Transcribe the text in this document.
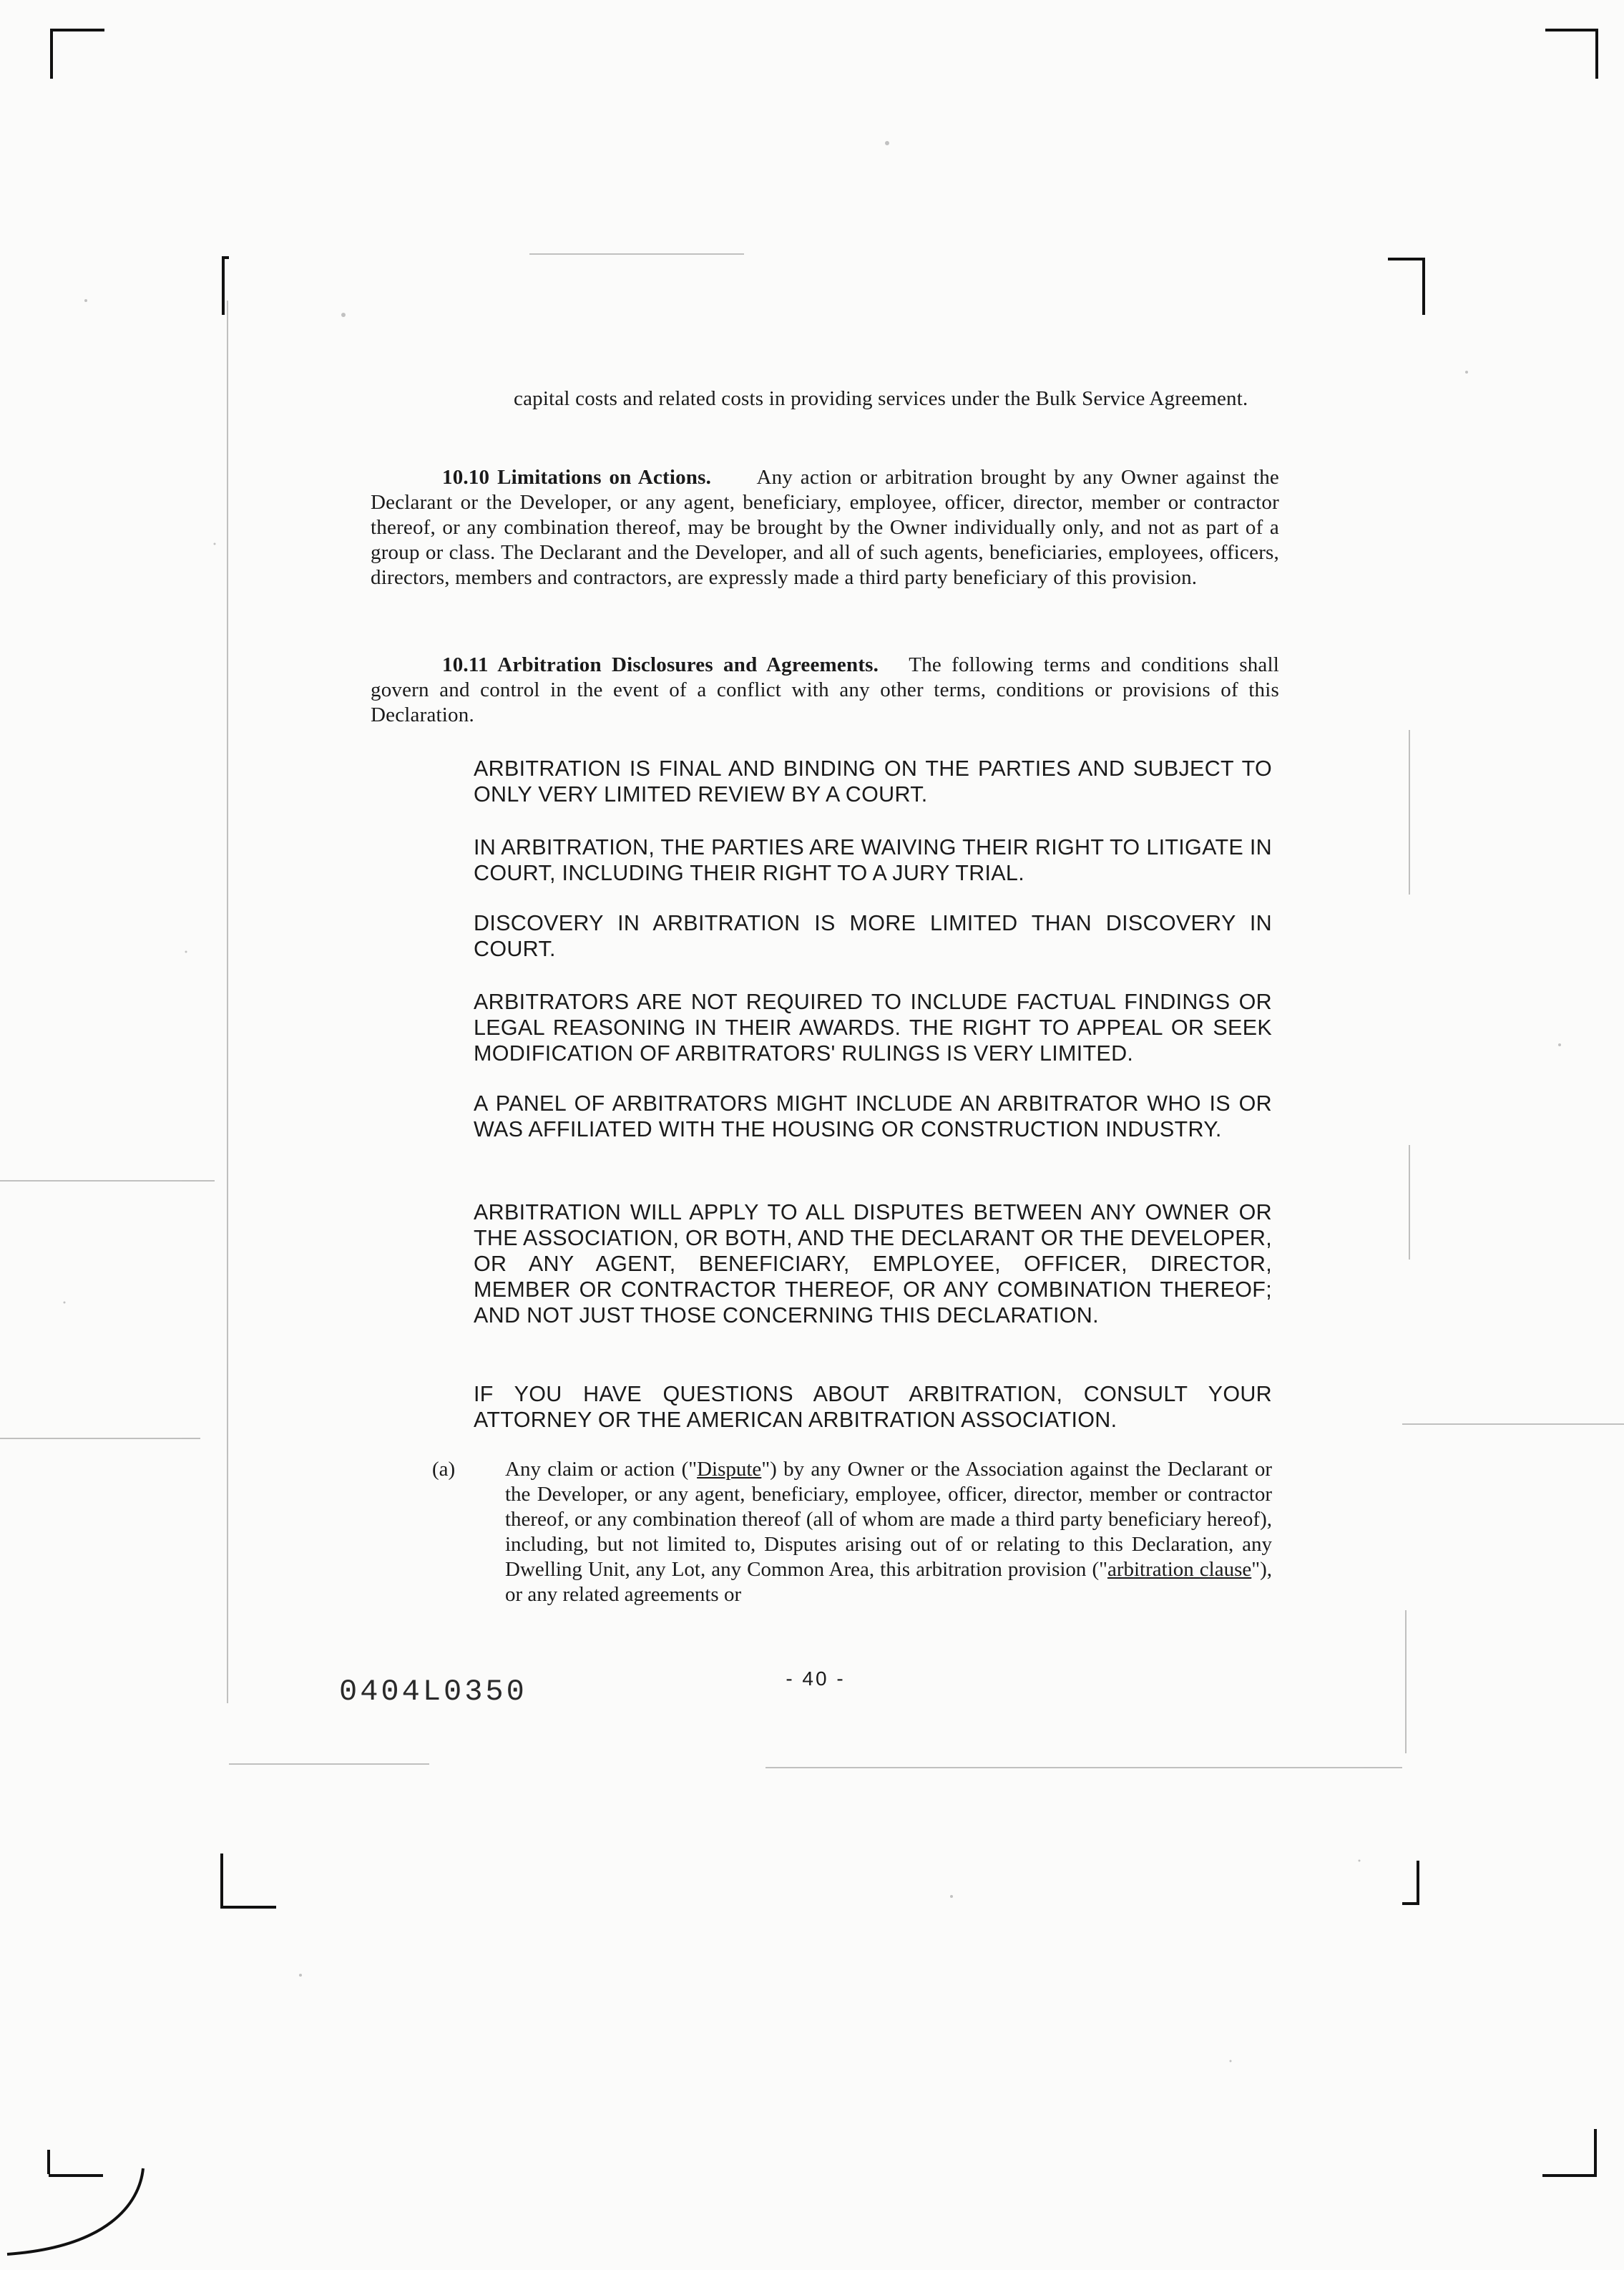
capital costs and related costs in providing services under the Bulk Service Agreement.
10.10 Limitations on Actions. Any action or arbitration brought by any Owner against the Declarant or the Developer, or any agent, beneficiary, employee, officer, director, member or contractor thereof, or any combination thereof, may be brought by the Owner individually only, and not as part of a group or class. The Declarant and the Developer, and all of such agents, beneficiaries, employees, officers, directors, members and contractors, are expressly made a third party beneficiary of this provision.
10.11 Arbitration Disclosures and Agreements. The following terms and conditions shall govern and control in the event of a conflict with any other terms, conditions or provisions of this Declaration.
ARBITRATION IS FINAL AND BINDING ON THE PARTIES AND SUBJECT TO ONLY VERY LIMITED REVIEW BY A COURT.
IN ARBITRATION, THE PARTIES ARE WAIVING THEIR RIGHT TO LITIGATE IN COURT, INCLUDING THEIR RIGHT TO A JURY TRIAL.
DISCOVERY IN ARBITRATION IS MORE LIMITED THAN DISCOVERY IN COURT.
ARBITRATORS ARE NOT REQUIRED TO INCLUDE FACTUAL FINDINGS OR LEGAL REASONING IN THEIR AWARDS. THE RIGHT TO APPEAL OR SEEK MODIFICATION OF ARBITRATORS' RULINGS IS VERY LIMITED.
A PANEL OF ARBITRATORS MIGHT INCLUDE AN ARBITRATOR WHO IS OR WAS AFFILIATED WITH THE HOUSING OR CONSTRUCTION INDUSTRY.
ARBITRATION WILL APPLY TO ALL DISPUTES BETWEEN ANY OWNER OR THE ASSOCIATION, OR BOTH, AND THE DECLARANT OR THE DEVELOPER, OR ANY AGENT, BENEFICIARY, EMPLOYEE, OFFICER, DIRECTOR, MEMBER OR CONTRACTOR THEREOF, OR ANY COMBINATION THEREOF; AND NOT JUST THOSE CONCERNING THIS DECLARATION.
IF YOU HAVE QUESTIONS ABOUT ARBITRATION, CONSULT YOUR ATTORNEY OR THE AMERICAN ARBITRATION ASSOCIATION.
(a) Any claim or action ("Dispute") by any Owner or the Association against the Declarant or the Developer, or any agent, beneficiary, employee, officer, director, member or contractor thereof, or any combination thereof (all of whom are made a third party beneficiary hereof), including, but not limited to, Disputes arising out of or relating to this Declaration, any Dwelling Unit, any Lot, any Common Area, this arbitration provision ("arbitration clause"), or any related agreements or
- 40 -
0404L0350
